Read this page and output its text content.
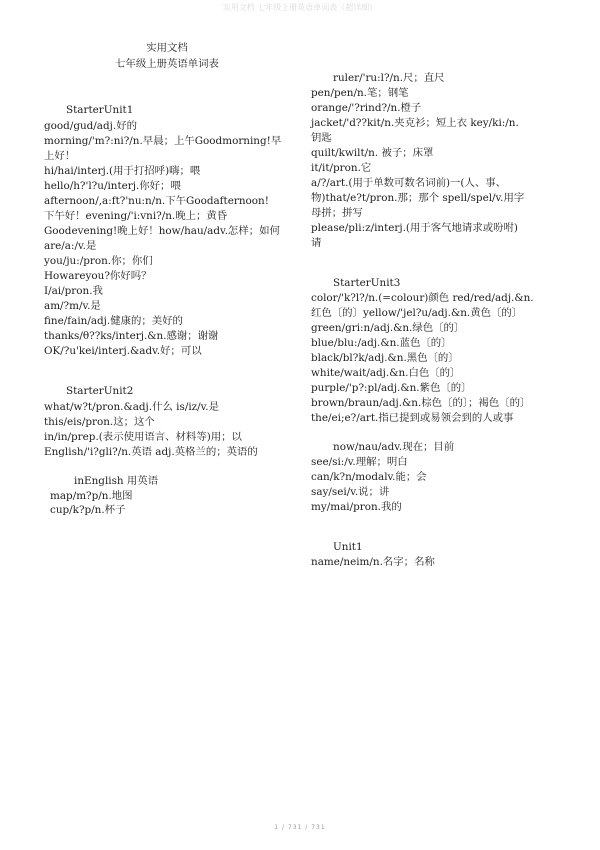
实用文档 七年级上册英语单词表（超详细）
实用文档
七年级上册英语单词表
StarterUnit1
good/gud/adj.好的
morning/'m?:ni?/n.早晨；上午Goodmorning!早
上好！
hi/hai/interj.(用于打招呼)嗨；喂
hello/h?'l?u/interj.你好；喂
afternoon/,a:ft?'nu:n/n.下午Goodafternoon!
下午好！evening/'i:vni?/n.晚上；黄昏
Goodevening!晚上好！how/hau/adv.怎样；如何
are/a:/v.是
you/ju:/pron.你；你们
Howareyou?你好吗？
I/ai/pron.我
am/?m/v.是
fine/fain/adj.健康的；美好的
thanks/θ??ks/interj.&n.感谢；谢谢
OK/?u'kei/interj.&adv.好；可以
StarterUnit2
what/w?t/pron.&adj.什么 is/iz/v.是
this/eis/pron.这；这个
in/in/prep.(表示使用语言、材料等)用；以
English/'i?gli?/n.英语 adj.英格兰的；英语的
inEnglish 用英语
map/m?p/n.地图
cup/k?p/n.杯子
ruler/'ru:l?/n.尺；直尺
pen/pen/n.笔；钢笔
orange/'?rind?/n.橙子
jacket/'d??kit/n.夹克衫；短上衣 key/ki:/n.
钥匙
quilt/kwilt/n. 被子；床罩
it/it/pron.它
a/?/art.(用于单数可数名词前)一(人、事、
物)that/e?t/pron.那；那个 spell/spel/v.用字
母拼；拼写
please/pli:z/interj.(用于客气地请求或吩咐)
请
StarterUnit3
color/'k?l?/n.(=colour)颜色 red/red/adj.&n.
红色〔的〕yellow/'jel?u/adj.&n.黄色〔的〕
green/gri:n/adj.&n.绿色〔的〕
blue/blu:/adj.&n.蓝色〔的〕
black/bl?k/adj.&n.黑色〔的〕
white/wait/adj.&n.白色〔的〕
purple/'p?:pl/adj.&n.紫色〔的〕
brown/braun/adj.&n.棕色〔的〕；褐色〔的〕
the/ei;e?/art.指已提到或易领会到的人或事
now/nau/adv.现在；目前
see/si:/v.理解；明白
can/k?n/modalv.能；会
say/sei/v.说；讲
my/mai/pron.我的
Unit1
name/neim/n.名字；名称
1 / 731 / 731
